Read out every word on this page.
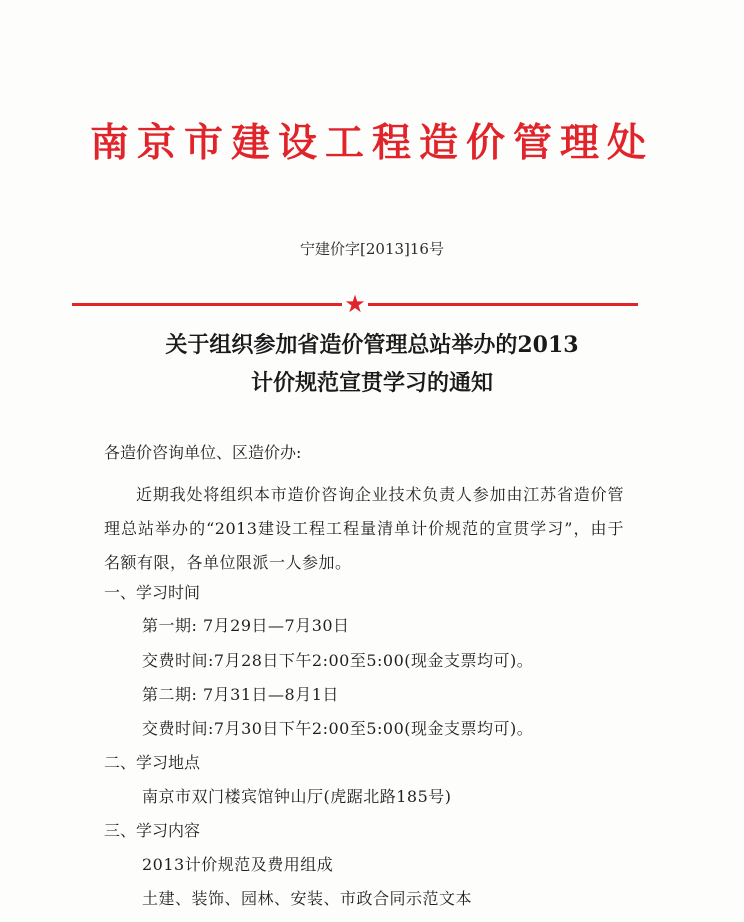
南京市建设工程造价管理处
宁建价字[2013]16号
★
关于组织参加省造价管理总站举办的2013
计价规范宣贯学习的通知
各造价咨询单位、区造价办:
近期我处将组织本市造价咨询企业技术负责人参加由江苏省造价管理总站举办的“2013建设工程工程量清单计价规范的宣贯学习”，由于名额有限，各单位限派一人参加。
一、学习时间
第一期: 7月29日—7月30日
交费时间:7月28日下午2:00至5:00(现金支票均可)。
第二期: 7月31日—8月1日
交费时间:7月30日下午2:00至5:00(现金支票均可)。
二、学习地点
南京市双门楼宾馆钟山厅(虎踞北路185号)
三、学习内容
2013计价规范及费用组成
土建、装饰、园林、安装、市政合同示范文本
